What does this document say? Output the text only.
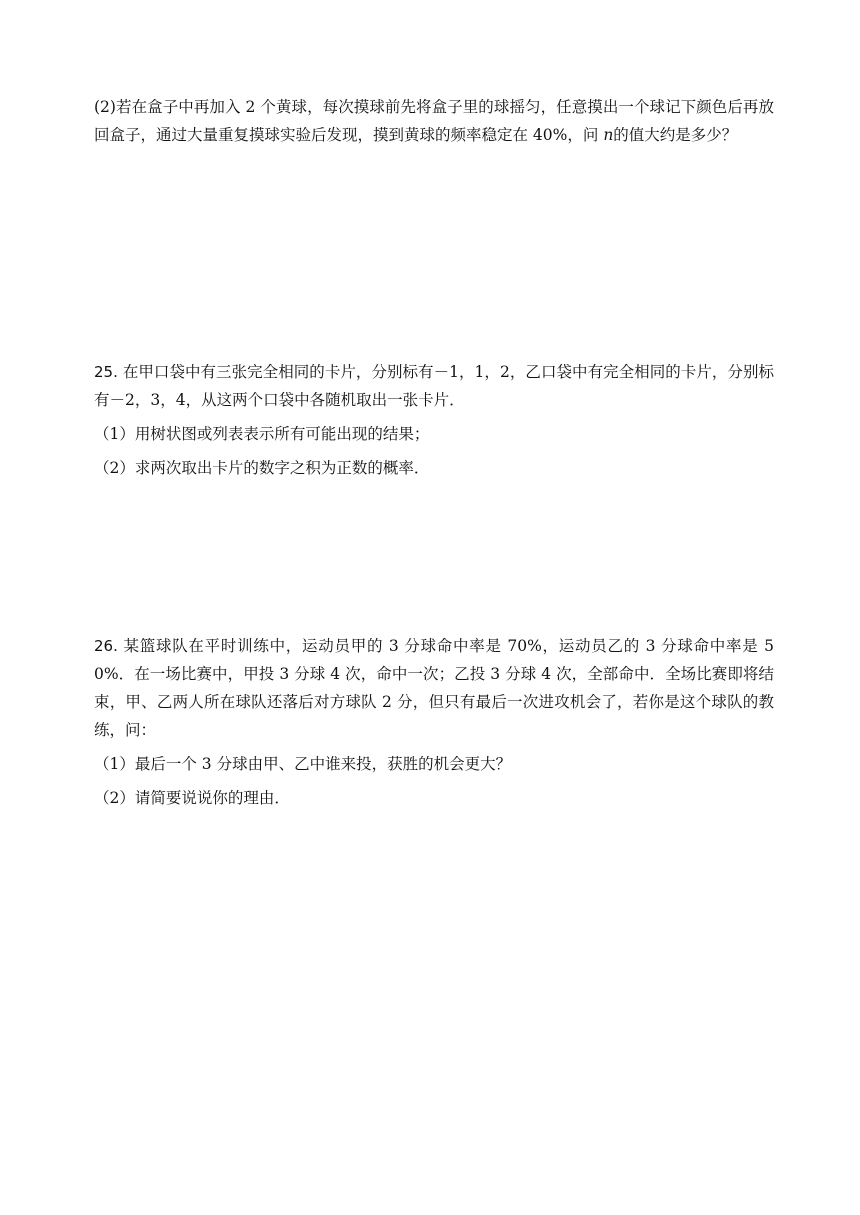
(2)若在盒子中再加入 2 个黄球，每次摸球前先将盒子里的球摇匀，任意摸出一个球记下颜色后再放回盒子，通过大量重复摸球实验后发现，摸到黄球的频率稳定在 40%，问 n的值大约是多少？

25. 在甲口袋中有三张完全相同的卡片，分别标有－1，1，2，乙口袋中有完全相同的卡片，分别标有－2，3，4，从这两个口袋中各随机取出一张卡片．

（1）用树状图或列表表示所有可能出现的结果；

（2）求两次取出卡片的数字之积为正数的概率．

26. 某篮球队在平时训练中，运动员甲的 3 分球命中率是 70%，运动员乙的 3 分球命中率是 50%．在一场比赛中，甲投 3 分球 4 次，命中一次；乙投 3 分球 4 次，全部命中．全场比赛即将结束，甲、乙两人所在球队还落后对方球队 2 分，但只有最后一次进攻机会了，若你是这个球队的教练，问：

（1）最后一个 3 分球由甲、乙中谁来投，获胜的机会更大？

（2）请简要说说你的理由．
